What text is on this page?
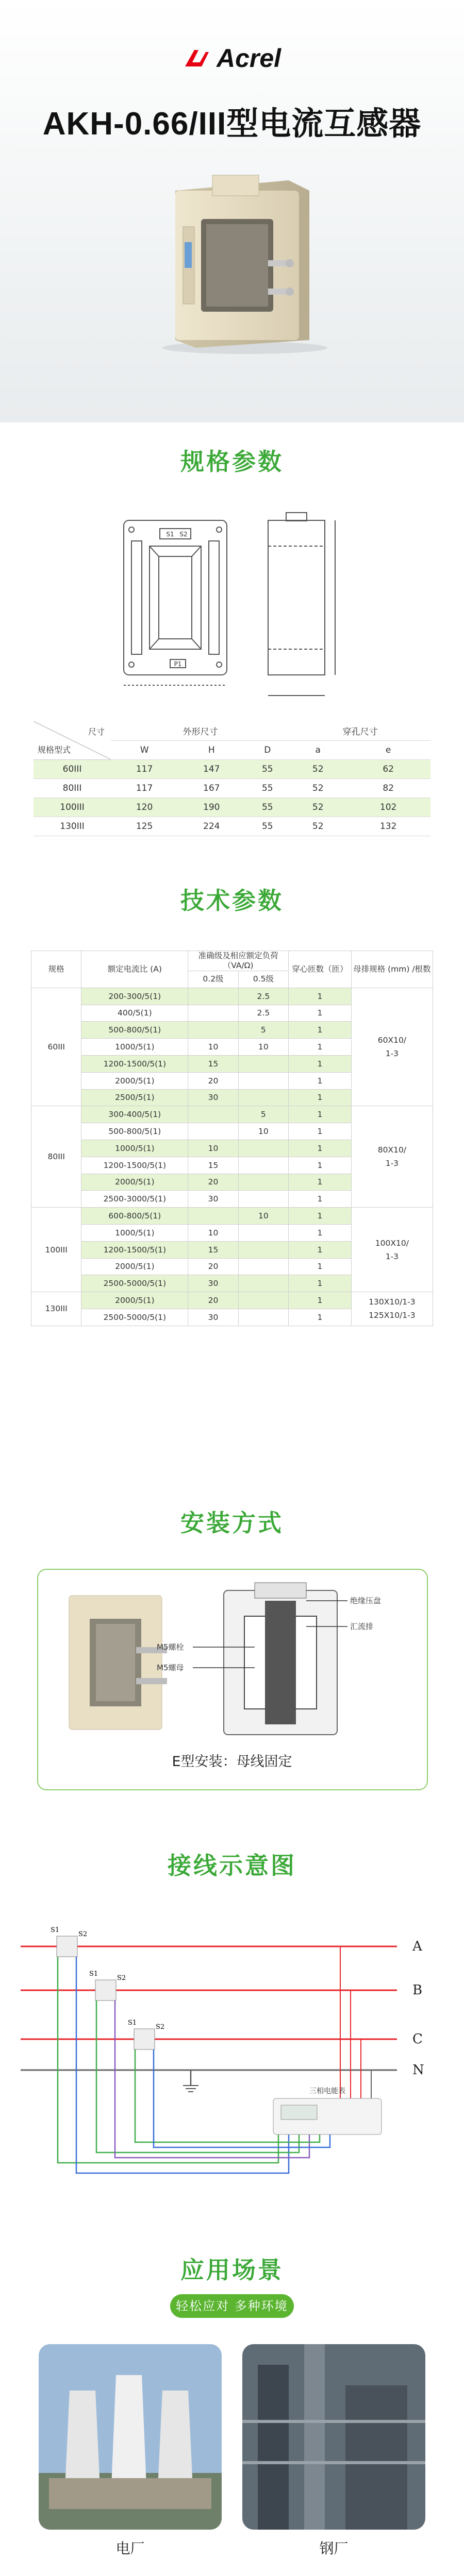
Acrel
AKH-0.66/III型电流互感器
规格参数
S1 S2
P1
尺寸
规格型式	外形尺寸			穿孔尺寸	
	W	H	D	a	e
60III	117	147	55	52	62
80III	117	167	55	52	82
100III	120	190	55	52	102
130III	125	224	55	52	132
技术参数
规格	额定电流比 (A)	准确级及相应额定负荷（VA/Ω)		穿心匝数（匝）	母排规格 (mm) /根数
		0.2级	0.5级		
60III	200-300/5(1)		2.5	1	60X10/
1-3

	400/5(1)		2.5	1	
	500-800/5(1)		5	1	
	1000/5(1)	10	10	1	
	1200-1500/5(1)	15		1	
	2000/5(1)	20		1	
	2500/5(1)	30		1	
80III	300-400/5(1)		5	1	80X10/
1-3

	500-800/5(1)		10	1	
	1000/5(1)	10		1	
	1200-1500/5(1)	15		1	
	2000/5(1)	20		1	
	2500-3000/5(1)	30		1	
100III	600-800/5(1)		10	1	100X10/
1-3

	1000/5(1)	10		1	
	1200-1500/5(1)	15		1	
	2000/5(1)	20		1	
	2500-5000/5(1)	30		1	
130III	2000/5(1)	20		1	130X10/1-3
125X10/1-3

	2500-5000/5(1)	30		1	
安装方式
绝缘压盘
汇流排
M5螺栓
M5螺母
E型安装：母线固定
接线示意图
A
B
C
N
S1
S2
S1
S2
S1
S2
三相电能表
应用场景
轻松应对 多种环境
电厂	钢厂
